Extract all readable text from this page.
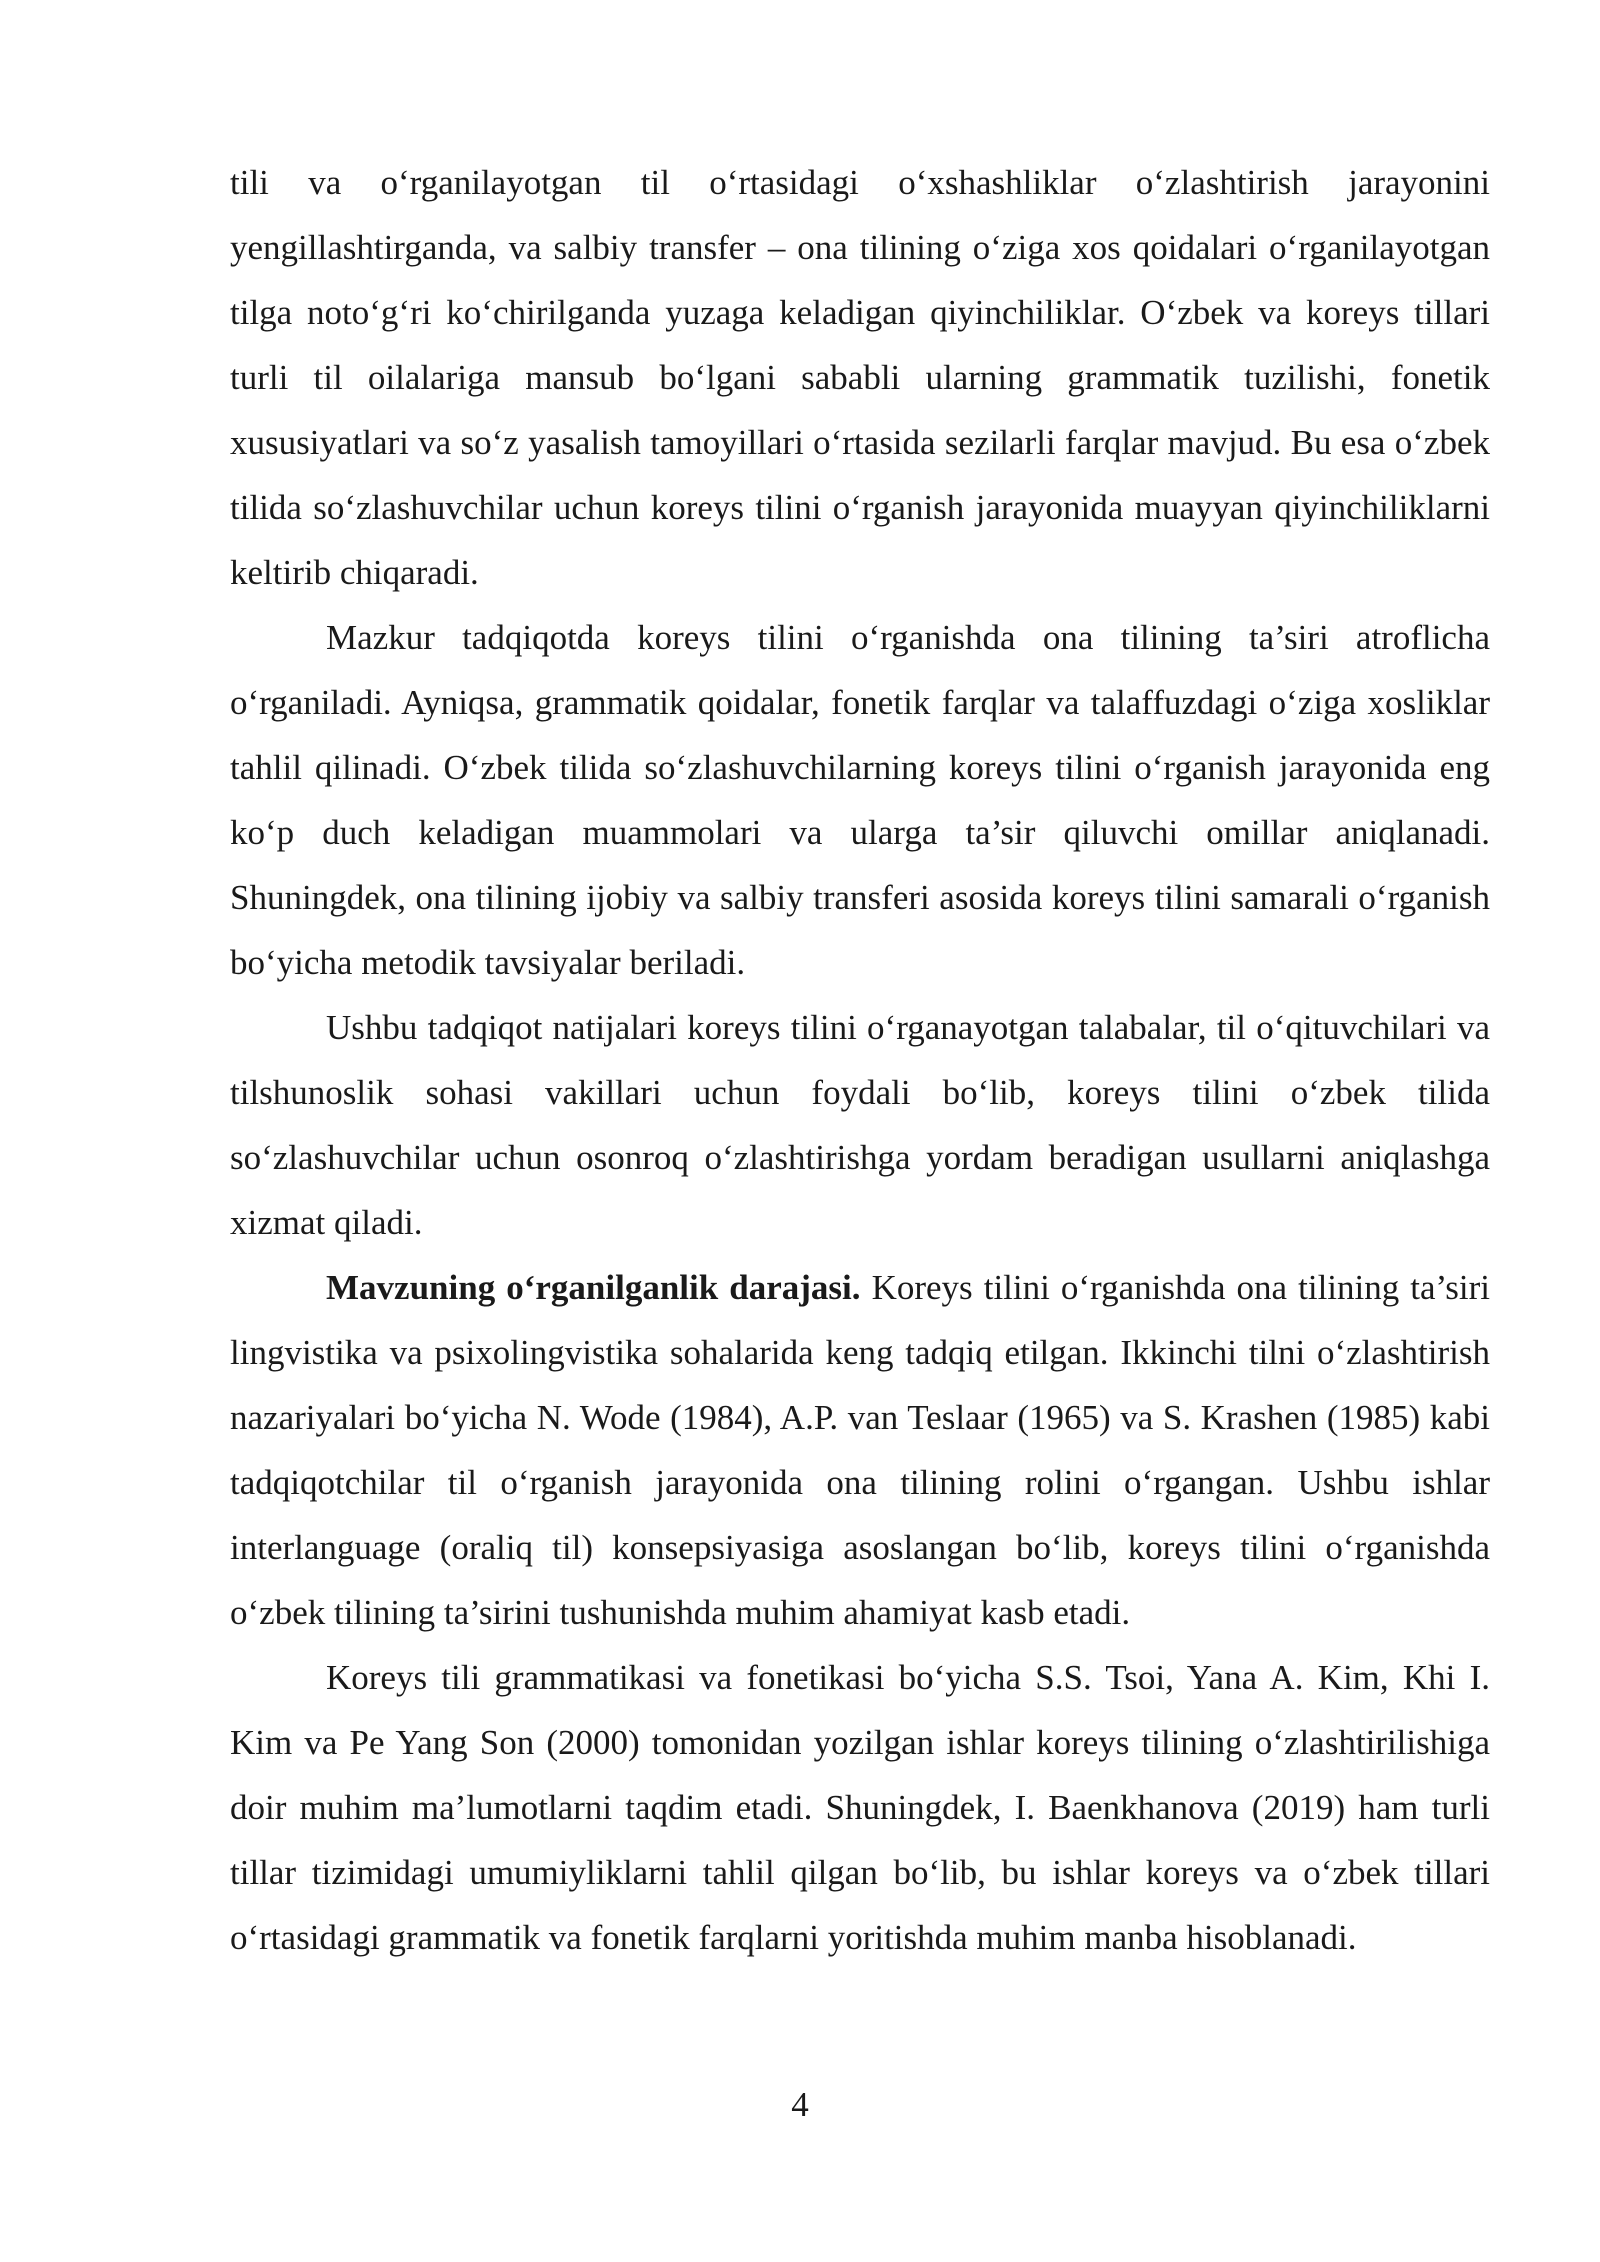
tili va o‘rganilayotgan til o‘rtasidagi o‘xshashliklar o‘zlashtirish jarayonini yengillashtirganda, va salbiy transfer – ona tilining o‘ziga xos qoidalari o‘rganilayotgan tilga noto‘g‘ri ko‘chirilganda yuzaga keladigan qiyinchiliklar. O‘zbek va koreys tillari turli til oilalariga mansub bo‘lgani sababli ularning grammatik tuzilishi, fonetik xususiyatlari va so‘z yasalish tamoyillari o‘rtasida sezilarli farqlar mavjud. Bu esa o‘zbek tilida so‘zlashuvchilar uchun koreys tilini o‘rganish jarayonida muayyan qiyinchiliklarni keltirib chiqaradi.

Mazkur tadqiqotda koreys tilini o‘rganishda ona tilining ta’siri atroflicha o‘rganiladi. Ayniqsa, grammatik qoidalar, fonetik farqlar va talaffuzdagi o‘ziga xosliklar tahlil qilinadi. O‘zbek tilida so‘zlashuvchilarning koreys tilini o‘rganish jarayonida eng ko‘p duch keladigan muammolari va ularga ta’sir qiluvchi omillar aniqlanadi. Shuningdek, ona tilining ijobiy va salbiy transferi asosida koreys tilini samarali o‘rganish bo‘yicha metodik tavsiyalar beriladi.

Ushbu tadqiqot natijalari koreys tilini o‘rganayotgan talabalar, til o‘qituvchilari va tilshunoslik sohasi vakillari uchun foydali bo‘lib, koreys tilini o‘zbek tilida so‘zlashuvchilar uchun osonroq o‘zlashtirishga yordam beradigan usullarni aniqlashga xizmat qiladi.

Mavzuning o‘rganilganlik darajasi. Koreys tilini o‘rganishda ona tilining ta’siri lingvistika va psixolingvistika sohalarida keng tadqiq etilgan. Ikkinchi tilni o‘zlashtirish nazariyalari bo‘yicha N. Wode (1984), A.P. van Teslaar (1965) va S. Krashen (1985) kabi tadqiqotchilar til o‘rganish jarayonida ona tilining rolini o‘rgangan. Ushbu ishlar interlanguage (oraliq til) konsepsiyasiga asoslangan bo‘lib, koreys tilini o‘rganishda o‘zbek tilining ta’sirini tushunishda muhim ahamiyat kasb etadi.

Koreys tili grammatikasi va fonetikasi bo‘yicha S.S. Tsoi, Yana A. Kim, Khi I. Kim va Pe Yang Son (2000) tomonidan yozilgan ishlar koreys tilining o‘zlashtirilishiga doir muhim ma’lumotlarni taqdim etadi. Shuningdek, I. Baenkhanova (2019) ham turli tillar tizimidagi umumiyliklarni tahlil qilgan bo‘lib, bu ishlar koreys va o‘zbek tillari o‘rtasidagi grammatik va fonetik farqlarni yoritishda muhim manba hisoblanadi.

4
